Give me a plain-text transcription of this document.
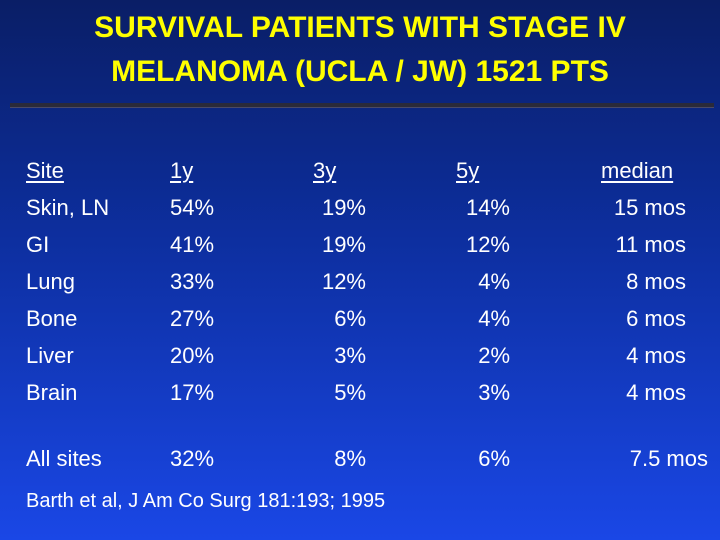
SURVIVAL PATIENTS WITH STAGE IV
MELANOMA (UCLA / JW) 1521 PTS
Site	1y	3y	5y	median
Skin, LN	54%	19%	14%	15 mos
GI	41%	19%	12%	11 mos
Lung	33%	12%	4%	8 mos
Bone	27%	6%	4%	6 mos
Liver	20%	3%	2%	4 mos
Brain	17%	5%	3%	4 mos
All sites	32%	8%	6%	7.5 mos
Barth et al, J Am Co Surg 181:193; 1995
